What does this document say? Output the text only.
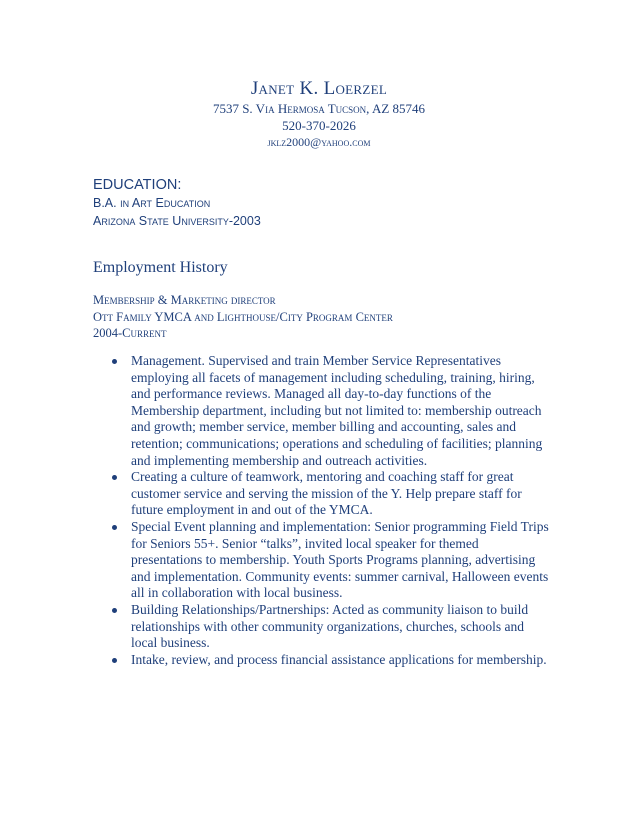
Janet K. Loerzel
7537 S. Via Hermosa Tucson, AZ 85746
520-370-2026
jklz2000@yahoo.com
EDUCATION:
B.A. in Art Education
Arizona State University-2003
Employment History
Membership & Marketing director
Ott Family YMCA and Lighthouse/City Program Center
2004-Current
Management. Supervised and train Member Service Representatives employing all facets of management including scheduling, training, hiring, and performance reviews. Managed all day-to-day functions of the Membership department, including but not limited to: membership outreach and growth; member service, member billing and accounting, sales and retention; communications; operations and scheduling of facilities; planning and implementing membership and outreach activities.
Creating a culture of teamwork, mentoring and coaching staff for great customer service and serving the mission of the Y. Help prepare staff for future employment in and out of the YMCA.
Special Event planning and implementation: Senior programming Field Trips for Seniors 55+. Senior “talks”, invited local speaker for themed presentations to membership. Youth Sports Programs planning, advertising and implementation. Community events: summer carnival, Halloween events all in collaboration with local business.
Building Relationships/Partnerships: Acted as community liaison to build relationships with other community organizations, churches, schools and local business.
Intake, review, and process financial assistance applications for membership.
